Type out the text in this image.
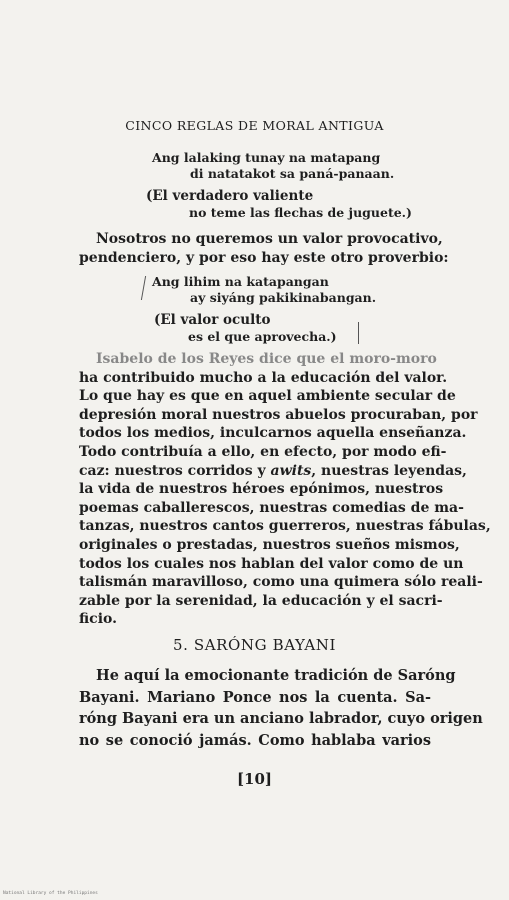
CINCO REGLAS DE MORAL ANTIGUA
Ang lalaking tunay na matapang
di natatakot sa paná-panaan.
(El verdadero valiente
no teme las flechas de juguete.)
Nosotros no queremos un valor provocativo,
pendenciero, y por eso hay este otro proverbio:
Ang lihim na katapangan
ay siyáng pakikinabangan.
(El valor oculto
es el que aprovecha.)
Isabelo de los Reyes dice que el moro-moro
ha contribuido mucho a la educación del valor.
Lo que hay es que en aquel ambiente secular de
depresión moral nuestros abuelos procuraban, por
todos los medios, inculcarnos aquella enseñanza.
Todo contribuía a ello, en efecto, por modo efi-
caz: nuestros corridos y awits, nuestras leyendas,
la vida de nuestros héroes epónimos, nuestros
poemas caballerescos, nuestras comedias de ma-
tanzas, nuestros cantos guerreros, nuestras fábulas,
originales o prestadas, nuestros sueños mismos,
todos los cuales nos hablan del valor como de un
talismán maravilloso, como una quimera sólo reali-
zable por la serenidad, la educación y el sacri-
ficio.
5. SARÓNG BAYANI
He aquí la emocionante tradición de Saróng
Bayani. Mariano Ponce nos la cuenta. Sa-
róng Bayani era un anciano labrador, cuyo origen
no se conoció jamás. Como hablaba varios
[10]
National Library of the Philippines
